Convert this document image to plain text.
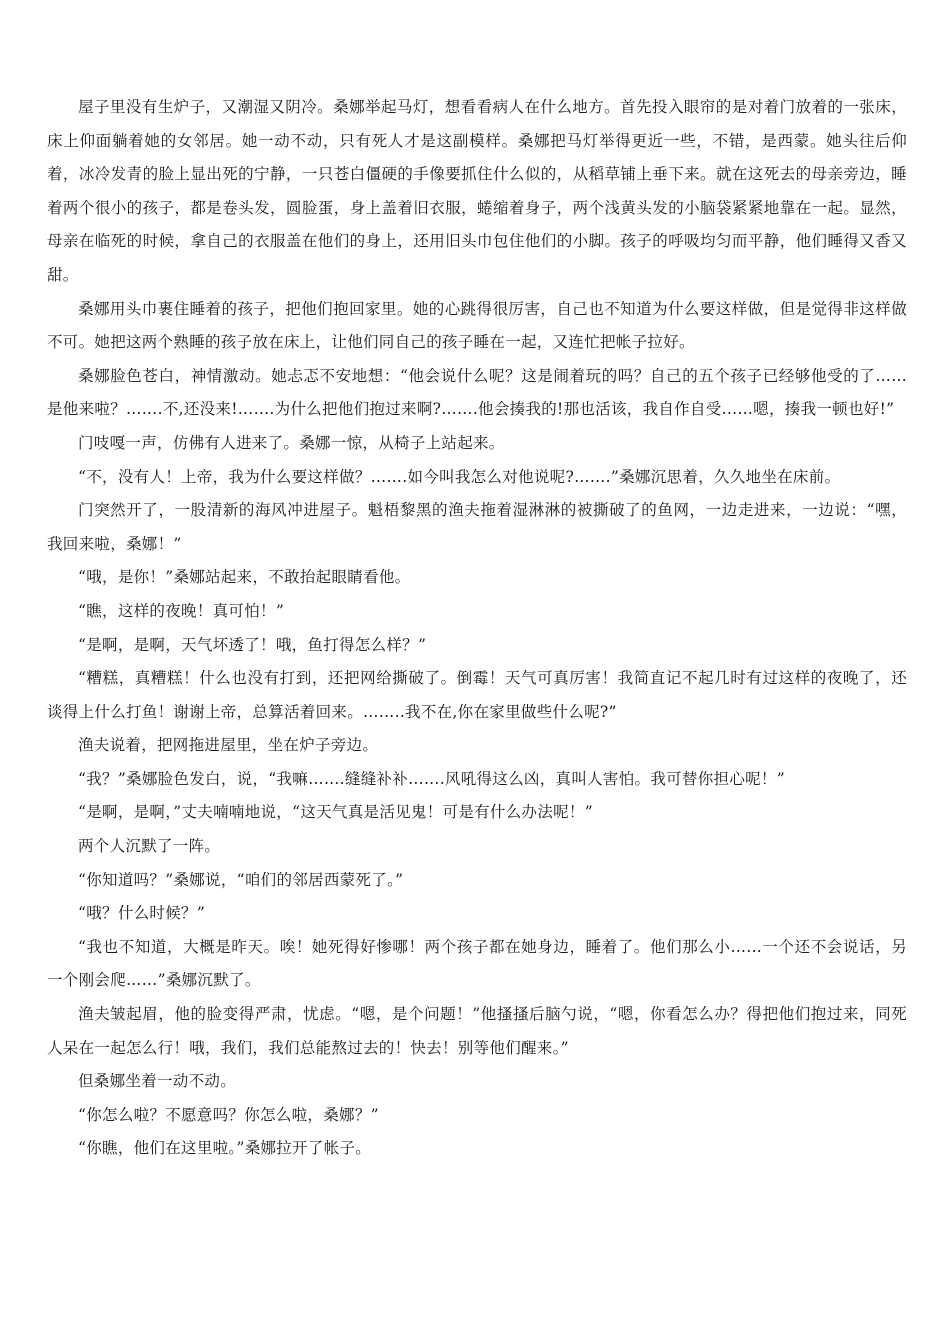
屋子里没有生炉子，又潮湿又阴冷。桑娜举起马灯，想看看病人在什么地方。首先投入眼帘的是对着门放着的一张床，床上仰面躺着她的女邻居。她一动不动，只有死人才是这副模样。桑娜把马灯举得更近一些，不错，是西蒙。她头往后仰着，冰冷发青的脸上显出死的宁静，一只苍白僵硬的手像要抓住什么似的，从稻草铺上垂下来。就在这死去的母亲旁边，睡着两个很小的孩子，都是卷头发，圆脸蛋，身上盖着旧衣服，蜷缩着身子，两个浅黄头发的小脑袋紧紧地靠在一起。显然，母亲在临死的时候，拿自己的衣服盖在他们的身上，还用旧头巾包住他们的小脚。孩子的呼吸均匀而平静，他们睡得又香又甜。

桑娜用头巾裹住睡着的孩子，把他们抱回家里。她的心跳得很厉害，自己也不知道为什么要这样做，但是觉得非这样做不可。她把这两个熟睡的孩子放在床上，让他们同自己的孩子睡在一起，又连忙把帐子拉好。

桑娜脸色苍白，神情激动。她忐忑不安地想：“他会说什么呢？这是闹着玩的吗？自己的五个孩子已经够他受的了……是他来啦？…….不,还没来!…….为什么把他们抱过来啊?…….他会揍我的!那也活该，我自作自受……嗯，揍我一顿也好!”

门吱嘎一声，仿佛有人进来了。桑娜一惊，从椅子上站起来。

“不，没有人！上帝，我为什么要这样做？…….如今叫我怎么对他说呢?…….”桑娜沉思着，久久地坐在床前。

门突然开了，一股清新的海风冲进屋子。魁梧黎黑的渔夫拖着湿淋淋的被撕破了的鱼网，一边走进来，一边说：“嘿，我回来啦，桑娜！”

“哦，是你！”桑娜站起来，不敢抬起眼睛看他。

“瞧，这样的夜晚！真可怕！”

“是啊，是啊，天气坏透了！哦，鱼打得怎么样？”

“糟糕，真糟糕！什么也没有打到，还把网给撕破了。倒霉！天气可真厉害！我简直记不起几时有过这样的夜晚了，还谈得上什么打鱼！谢谢上帝，总算活着回来。……..我不在,你在家里做些什么呢?”

渔夫说着，把网拖进屋里，坐在炉子旁边。

“我？”桑娜脸色发白，说，“我嘛…….缝缝补补…….风吼得这么凶，真叫人害怕。我可替你担心呢！”

“是啊，是啊，”丈夫喃喃地说，“这天气真是活见鬼！可是有什么办法呢！”

两个人沉默了一阵。

“你知道吗？”桑娜说，“咱们的邻居西蒙死了。”

“哦？什么时候？”

“我也不知道，大概是昨天。唉！她死得好惨哪！两个孩子都在她身边，睡着了。他们那么小……一个还不会说话，另一个刚会爬……”桑娜沉默了。

渔夫皱起眉，他的脸变得严肃，忧虑。“嗯，是个问题！”他搔搔后脑勺说，“嗯，你看怎么办？得把他们抱过来，同死人呆在一起怎么行！哦，我们，我们总能熬过去的！快去！别等他们醒来。”

但桑娜坐着一动不动。

“你怎么啦？不愿意吗？你怎么啦，桑娜？”

“你瞧，他们在这里啦。”桑娜拉开了帐子。
